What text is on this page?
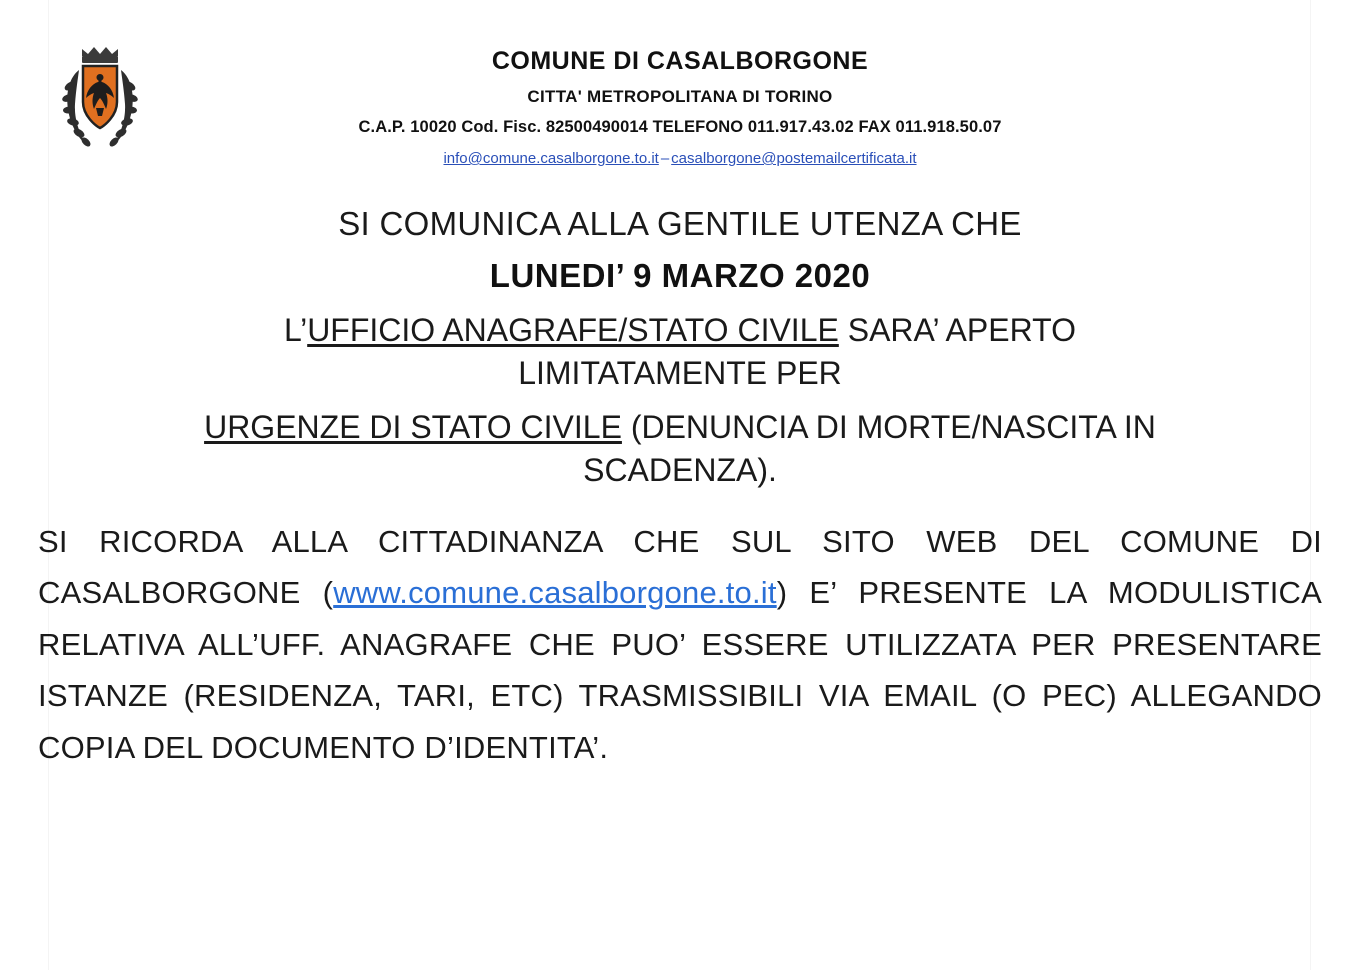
COMUNE DI CASALBORGONE
CITTA' METROPOLITANA DI TORINO
C.A.P. 10020 Cod. Fisc. 82500490014 TELEFONO 011.917.43.02 FAX 011.918.50.07
info@comune.casalborgone.to.it – casalborgone@postemailcertificata.it
SI COMUNICA ALLA GENTILE UTENZA CHE
LUNEDI’ 9 MARZO 2020
L’UFFICIO ANAGRAFE/STATO CIVILE SARA’ APERTO
LIMITATAMENTE PER
URGENZE DI STATO CIVILE (DENUNCIA DI MORTE/NASCITA IN
SCADENZA).
SI RICORDA ALLA CITTADINANZA CHE SUL SITO WEB DEL COMUNE DI CASALBORGONE (www.comune.casalborgone.to.it) E’ PRESENTE LA MODULISTICA RELATIVA ALL’UFF. ANAGRAFE CHE PUO’ ESSERE UTILIZZATA PER PRESENTARE ISTANZE (RESIDENZA, TARI, ETC) TRASMISSIBILI VIA EMAIL (O PEC) ALLEGANDO COPIA DEL DOCUMENTO D’IDENTITA’.
